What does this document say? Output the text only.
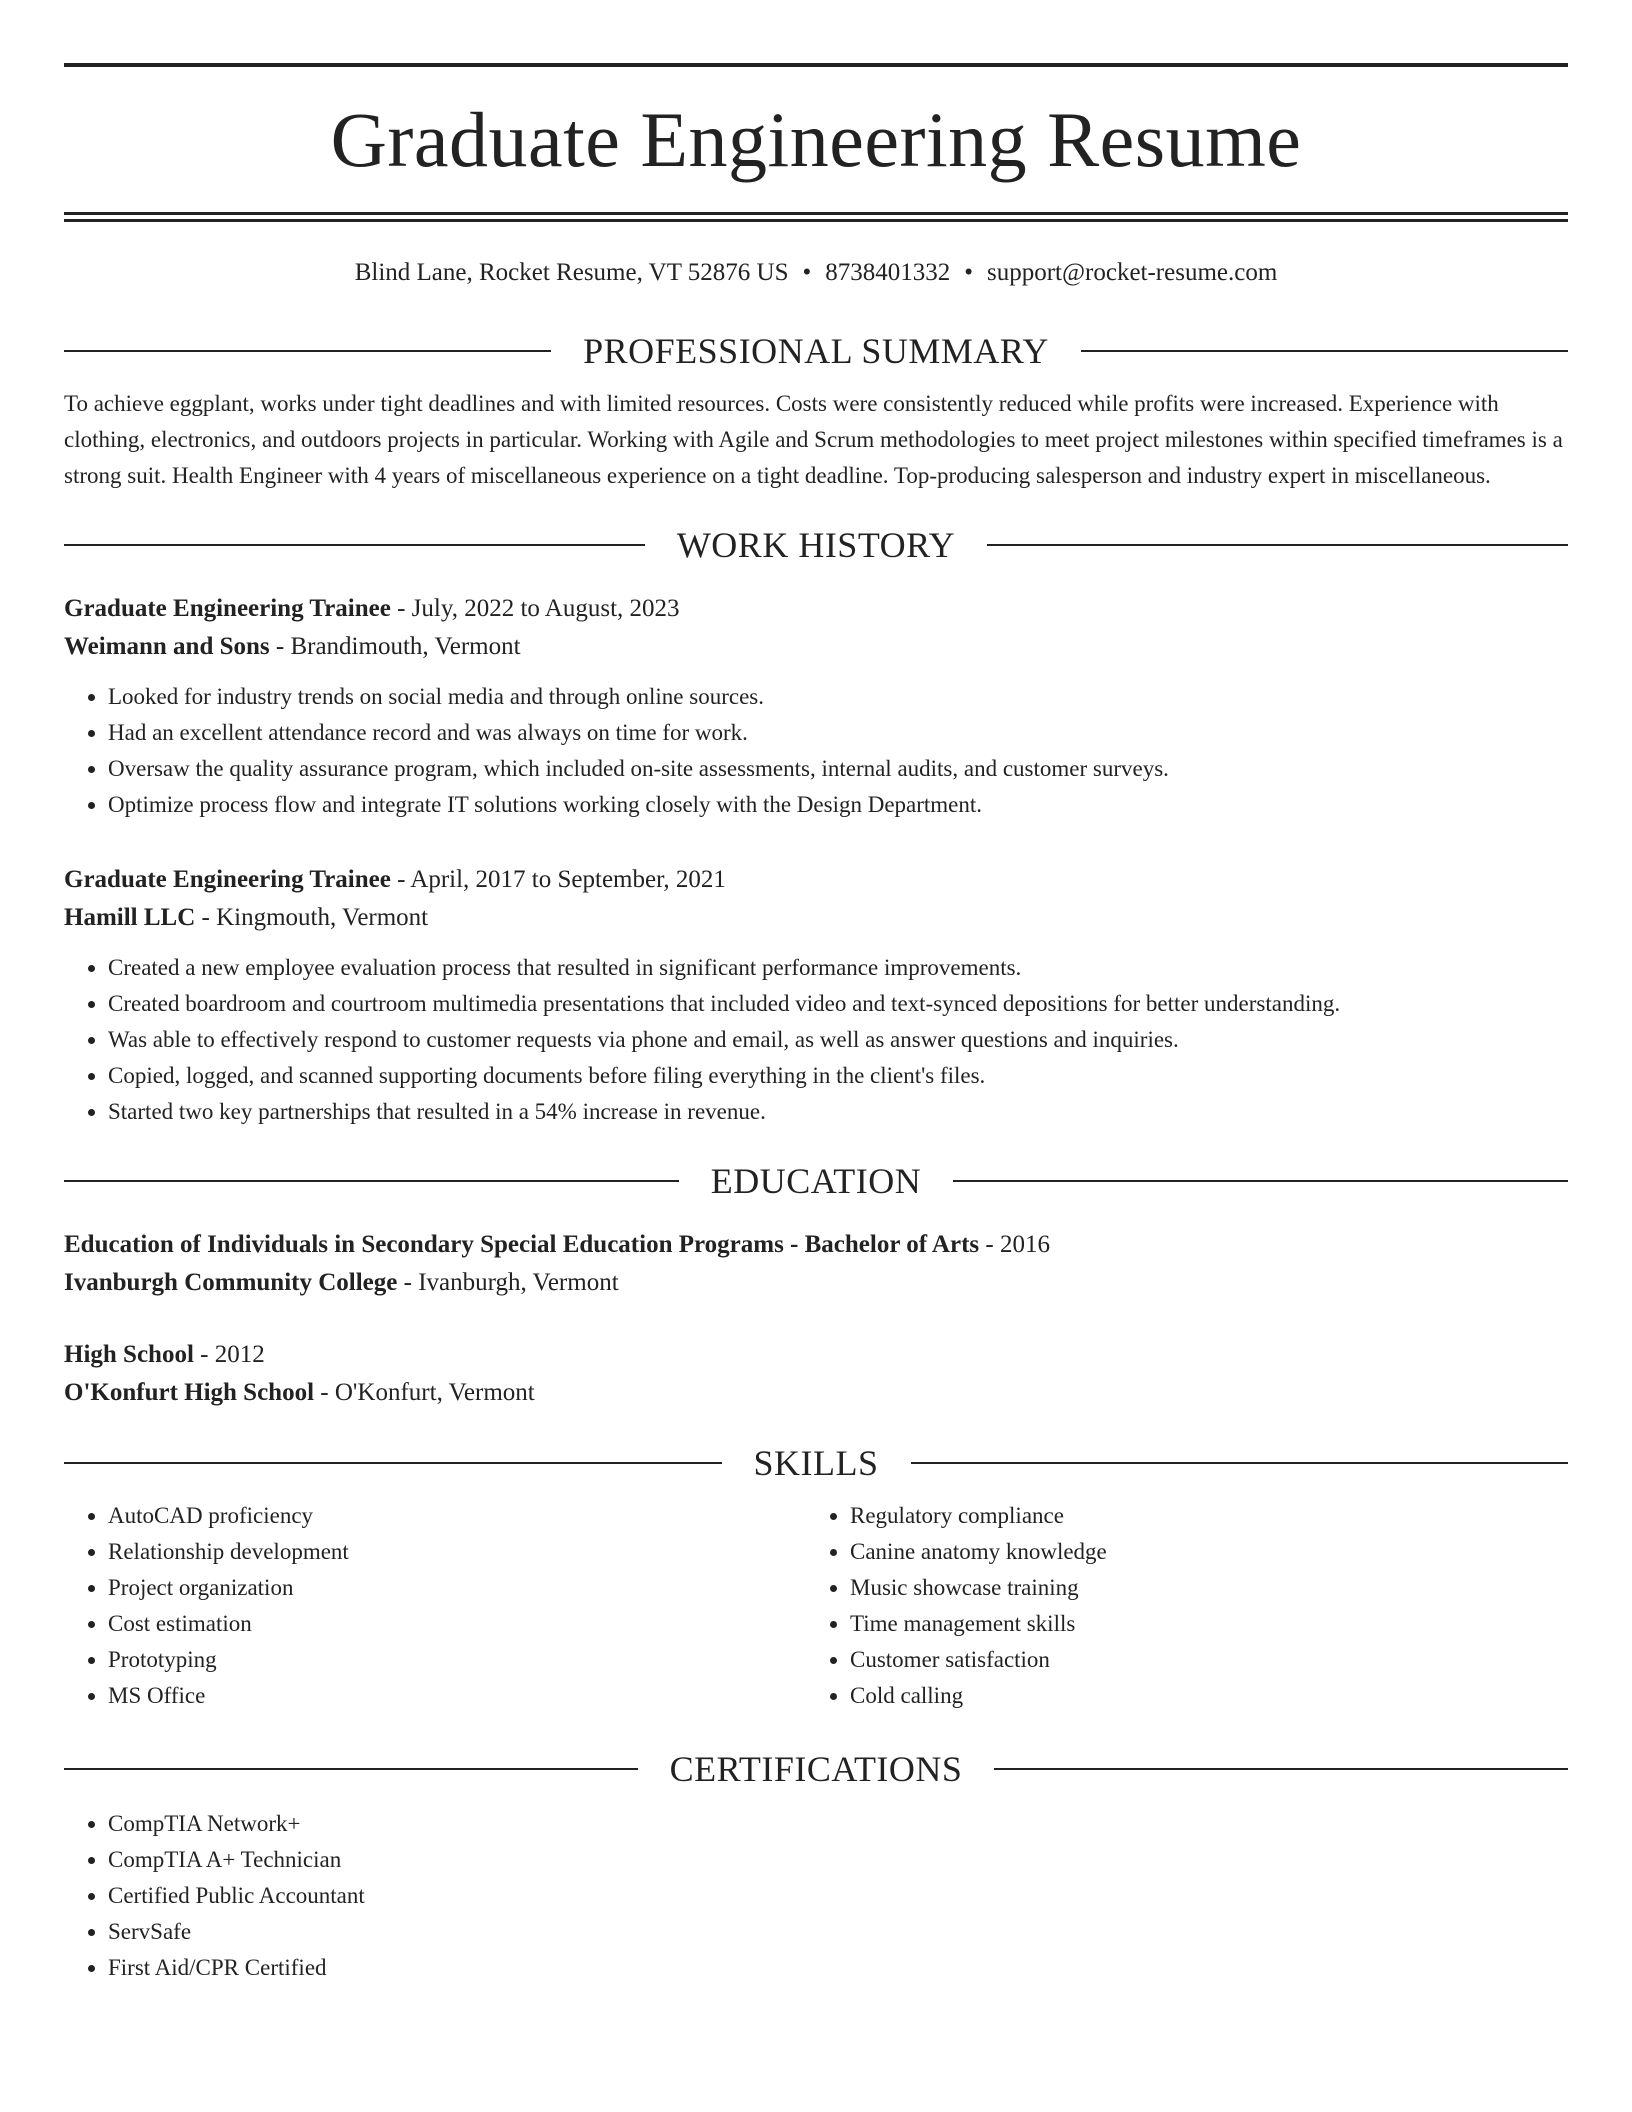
Graduate Engineering Resume
Blind Lane, Rocket Resume, VT 52876 US • 8738401332 • support@rocket-resume.com
PROFESSIONAL SUMMARY
To achieve eggplant, works under tight deadlines and with limited resources. Costs were consistently reduced while profits were increased. Experience with clothing, electronics, and outdoors projects in particular. Working with Agile and Scrum methodologies to meet project milestones within specified timeframes is a strong suit. Health Engineer with 4 years of miscellaneous experience on a tight deadline. Top-producing salesperson and industry expert in miscellaneous.
WORK HISTORY
Graduate Engineering Trainee - July, 2022 to August, 2023
Weimann and Sons - Brandimouth, Vermont
• Looked for industry trends on social media and through online sources.
• Had an excellent attendance record and was always on time for work.
• Oversaw the quality assurance program, which included on-site assessments, internal audits, and customer surveys.
• Optimize process flow and integrate IT solutions working closely with the Design Department.
Graduate Engineering Trainee - April, 2017 to September, 2021
Hamill LLC - Kingmouth, Vermont
• Created a new employee evaluation process that resulted in significant performance improvements.
• Created boardroom and courtroom multimedia presentations that included video and text-synced depositions for better understanding.
• Was able to effectively respond to customer requests via phone and email, as well as answer questions and inquiries.
• Copied, logged, and scanned supporting documents before filing everything in the client's files.
• Started two key partnerships that resulted in a 54% increase in revenue.
EDUCATION
Education of Individuals in Secondary Special Education Programs - Bachelor of Arts - 2016
Ivanburgh Community College - Ivanburgh, Vermont
High School - 2012
O'Konfurt High School - O'Konfurt, Vermont
SKILLS
• AutoCAD proficiency
• Relationship development
• Project organization
• Cost estimation
• Prototyping
• MS Office
• Regulatory compliance
• Canine anatomy knowledge
• Music showcase training
• Time management skills
• Customer satisfaction
• Cold calling
CERTIFICATIONS
• CompTIA Network+
• CompTIA A+ Technician
• Certified Public Accountant
• ServSafe
• First Aid/CPR Certified
